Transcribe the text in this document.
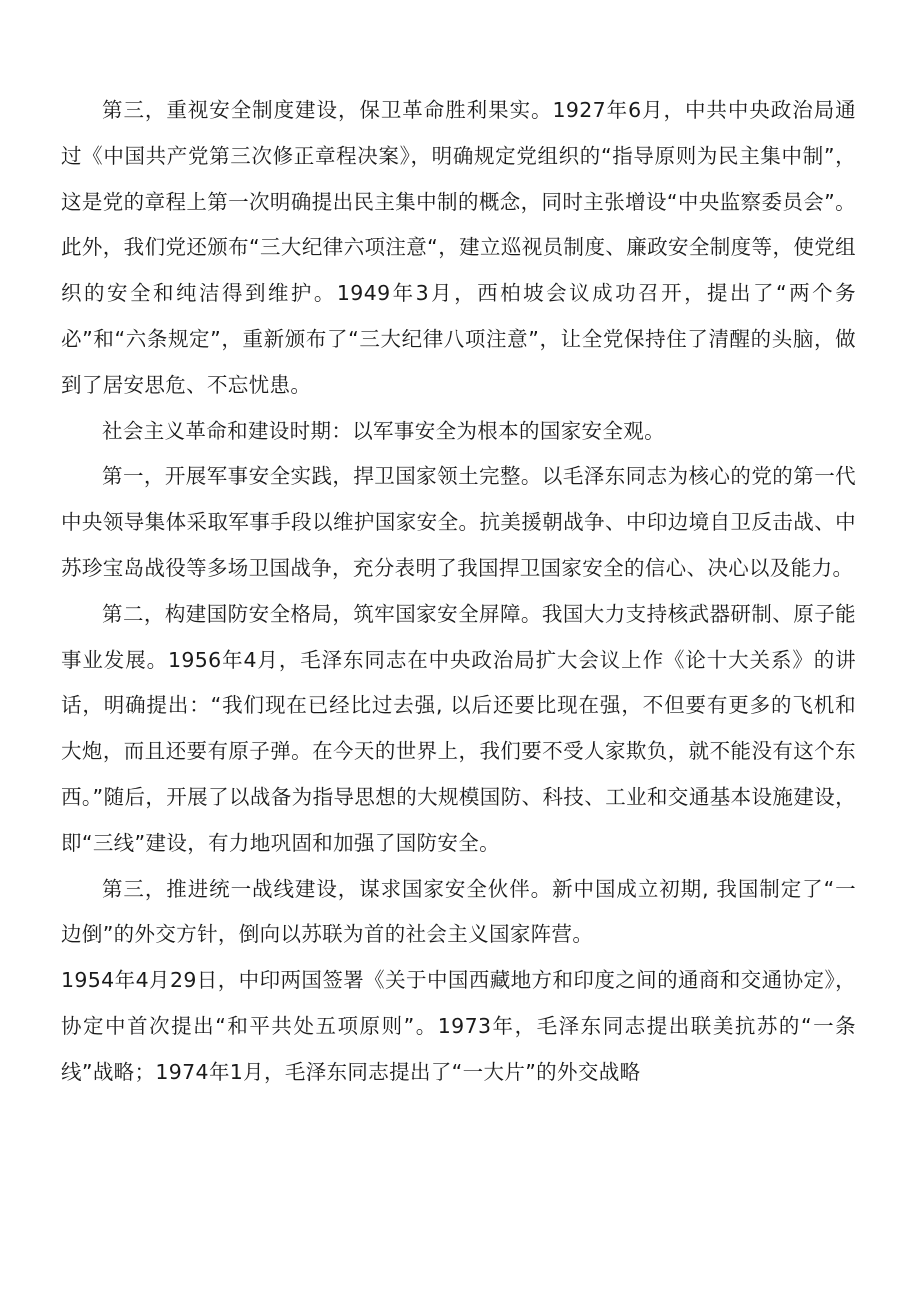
第三，重视安全制度建设，保卫革命胜利果实。1927年6月，中共中央政治局通过《中国共产党第三次修正章程决案》，明确规定党组织的“指导原则为民主集中制”，这是党的章程上第一次明确提出民主集中制的概念，同时主张增设“中央监察委员会”。此外，我们党还颁布“三大纪律六项注意“，建立巡视员制度、廉政安全制度等，使党组织的安全和纯洁得到维护。1949年3月，西柏坡会议成功召开，提出了“两个务必”和“六条规定”，重新颁布了“三大纪律八项注意”，让全党保持住了清醒的头脑，做到了居安思危、不忘忧患。

社会主义革命和建设时期：以军事安全为根本的国家安全观。

第一，开展军事安全实践，捍卫国家领土完整。以毛泽东同志为核心的党的第一代中央领导集体采取军事手段以维护国家安全。抗美援朝战争、中印边境自卫反击战、中苏珍宝岛战役等多场卫国战争，充分表明了我国捍卫国家安全的信心、决心以及能力。

第二，构建国防安全格局，筑牢国家安全屏障。我国大力支持核武器研制、原子能事业发展。1956年4月，毛泽东同志在中央政治局扩大会议上作《论十大关系》的讲话，明确提出：“我们现在已经比过去强, 以后还要比现在强，不但要有更多的飞机和大炮，而且还要有原子弹。在今天的世界上，我们要不受人家欺负，就不能没有这个东西。”随后，开展了以战备为指导思想的大规模国防、科技、工业和交通基本设施建设，即“三线”建设，有力地巩固和加强了国防安全。

第三，推进统一战线建设，谋求国家安全伙伴。新中国成立初期, 我国制定了“一边倒”的外交方针，倒向以苏联为首的社会主义国家阵营。

1954年4月29日，中印两国签署《关于中国西藏地方和印度之间的通商和交通协定》，协定中首次提出“和平共处五项原则”。1973年，毛泽东同志提出联美抗苏的“一条线”战略；1974年1月，毛泽东同志提出了“一大片”的外交战略
